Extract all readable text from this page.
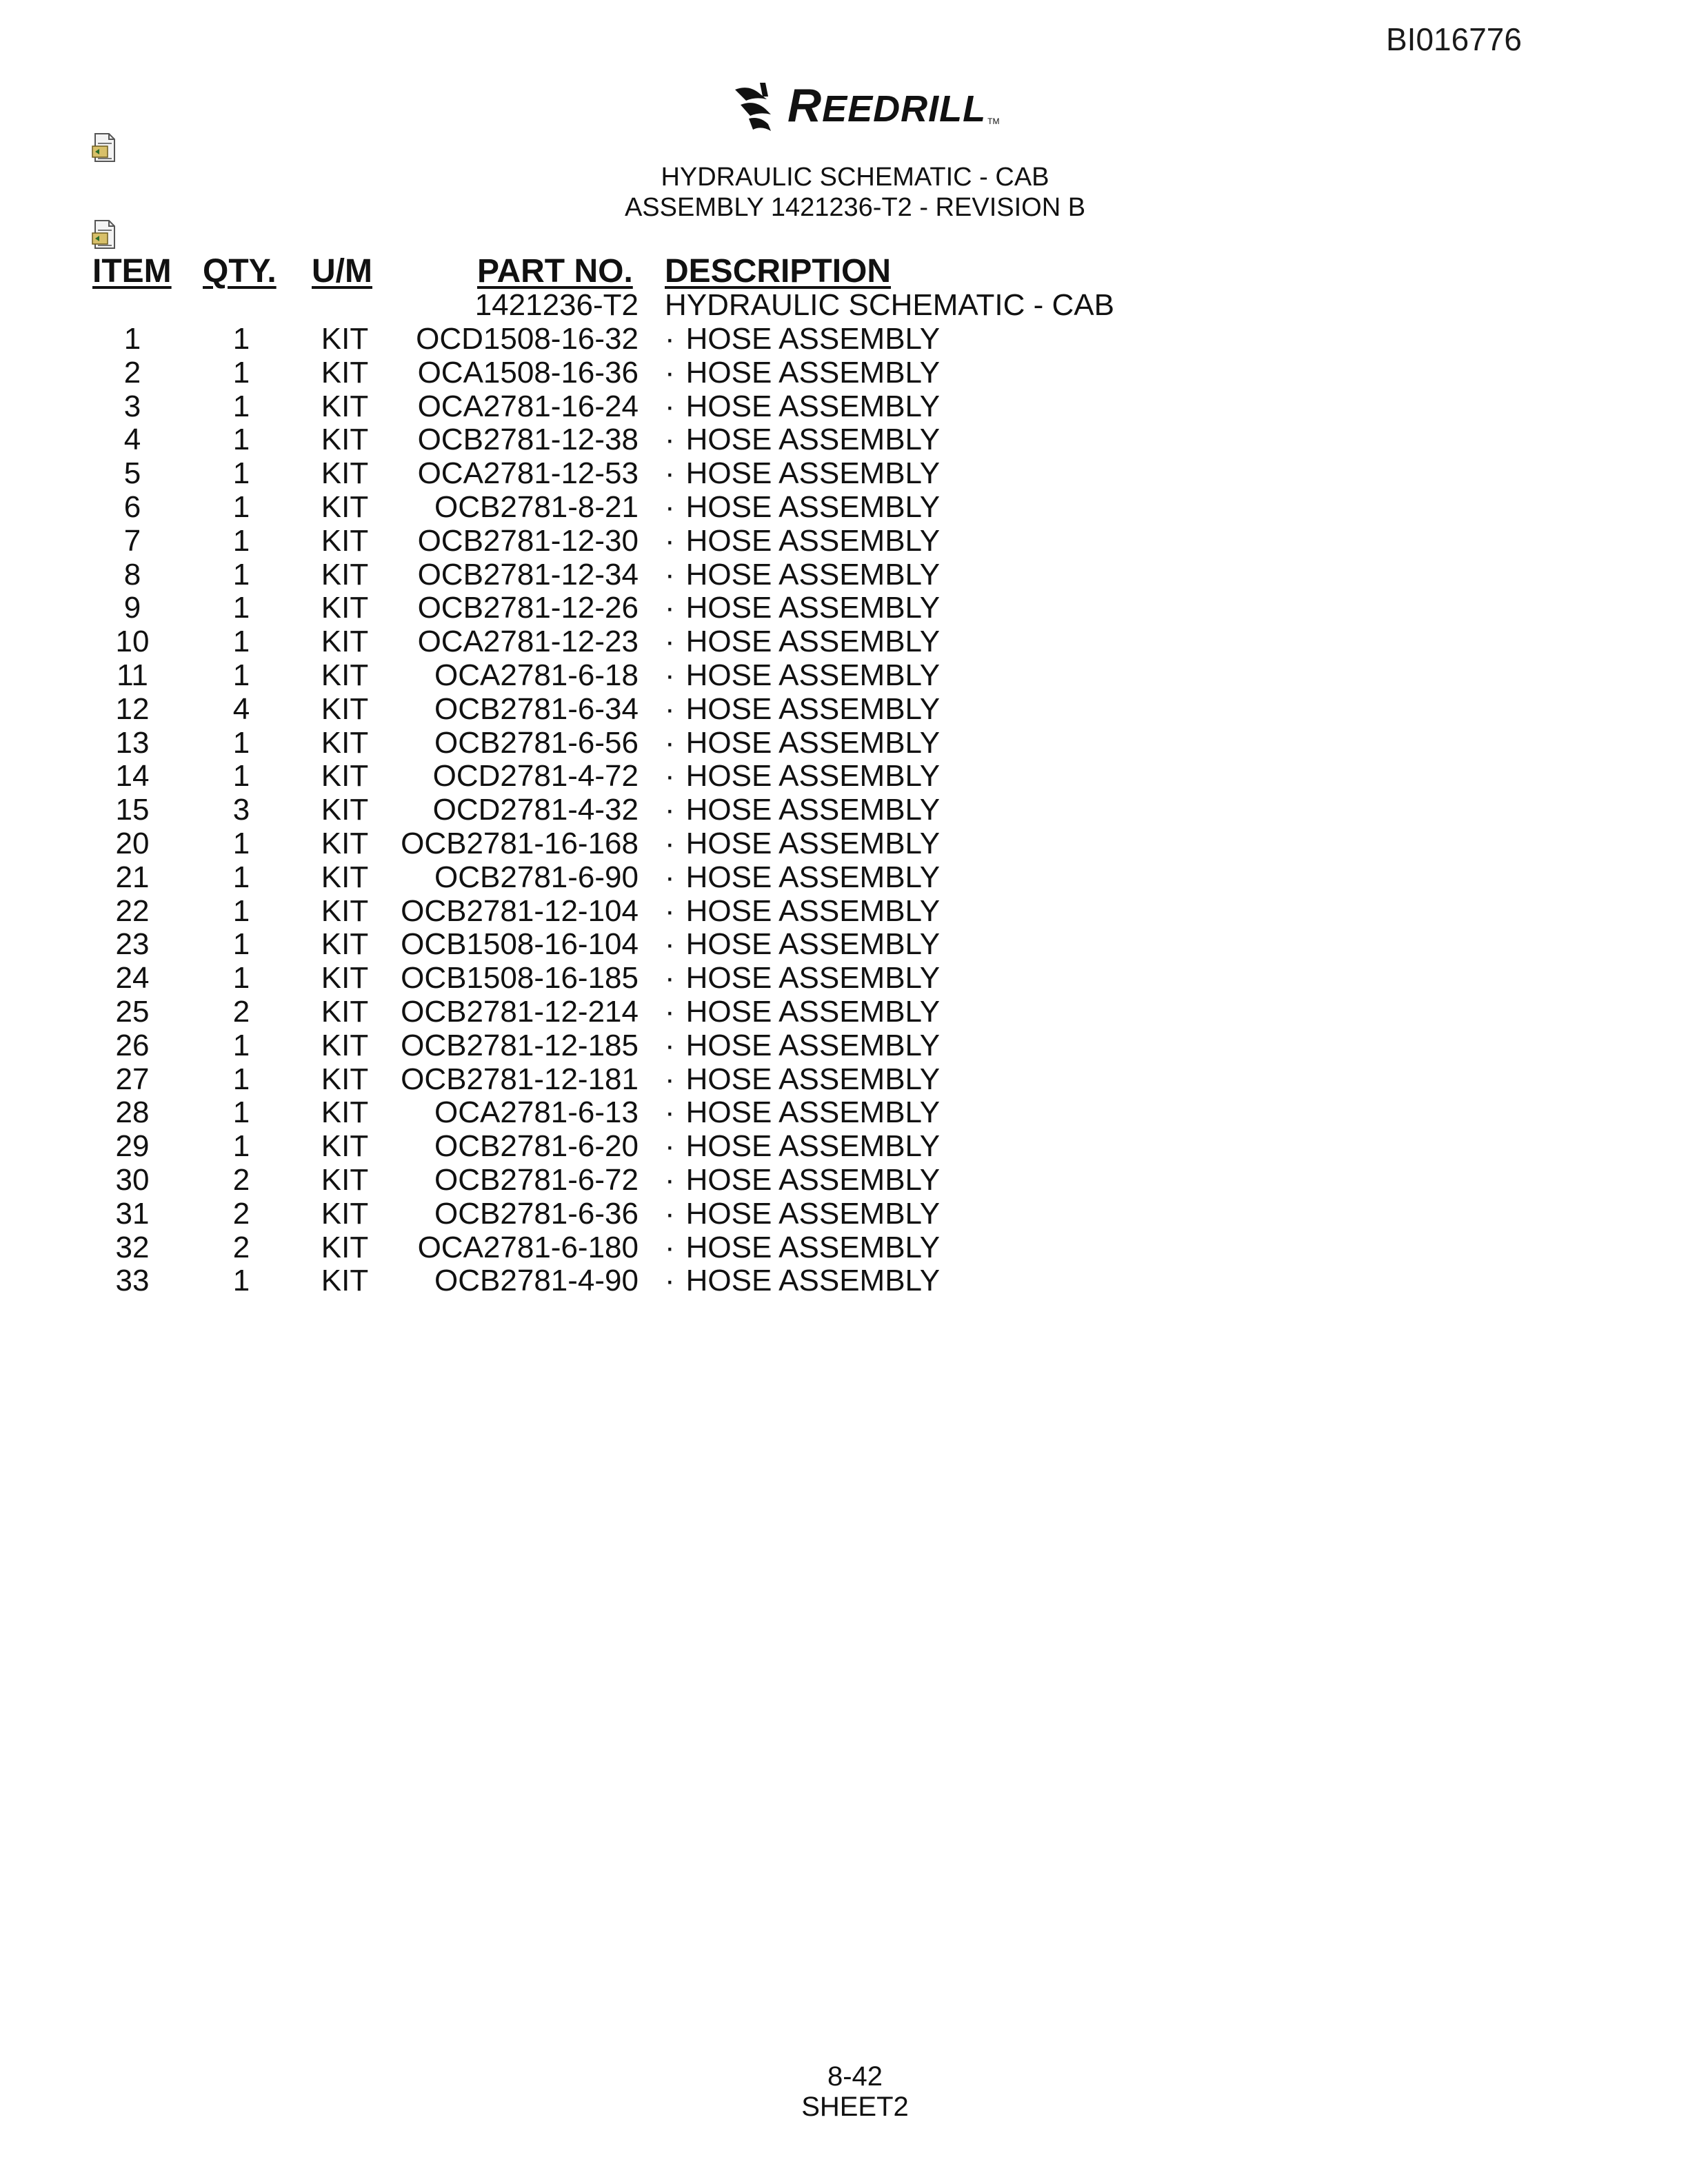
BI016776
REEDRILL TM
HYDRAULIC SCHEMATIC - CAB
ASSEMBLY 1421236-T2 - REVISION B
ITEM QTY. U/M	PART NO. DESCRIPTION
1421236-T2 HYDRAULIC SCHEMATIC - CAB
1	1	KIT	OCD1508-16-32 · HOSE ASSEMBLY
2	1	KIT	OCA1508-16-36 · HOSE ASSEMBLY
3	1	KIT	OCA2781-16-24 · HOSE ASSEMBLY
4	1	KIT	OCB2781-12-38 · HOSE ASSEMBLY
5	1	KIT	OCA2781-12-53 · HOSE ASSEMBLY
6	1	KIT	OCB2781-8-21 · HOSE ASSEMBLY
7	1	KIT	OCB2781-12-30 · HOSE ASSEMBLY
8	1	KIT	OCB2781-12-34 · HOSE ASSEMBLY
9	1	KIT	OCB2781-12-26 · HOSE ASSEMBLY
10	1	KIT	OCA2781-12-23 · HOSE ASSEMBLY
11	1	KIT	OCA2781-6-18 · HOSE ASSEMBLY
12	4	KIT	OCB2781-6-34 · HOSE ASSEMBLY
13	1	KIT	OCB2781-6-56 · HOSE ASSEMBLY
14	1	KIT	OCD2781-4-72 · HOSE ASSEMBLY
15	3	KIT	OCD2781-4-32 · HOSE ASSEMBLY
20	1	KIT	OCB2781-16-168 · HOSE ASSEMBLY
21	1	KIT	OCB2781-6-90 · HOSE ASSEMBLY
22	1	KIT	OCB2781-12-104 · HOSE ASSEMBLY
23	1	KIT	OCB1508-16-104 · HOSE ASSEMBLY
24	1	KIT	OCB1508-16-185 · HOSE ASSEMBLY
25	2	KIT	OCB2781-12-214 · HOSE ASSEMBLY
26	1	KIT	OCB2781-12-185 · HOSE ASSEMBLY
27	1	KIT	OCB2781-12-181 · HOSE ASSEMBLY
28	1	KIT	OCA2781-6-13 · HOSE ASSEMBLY
29	1	KIT	OCB2781-6-20 · HOSE ASSEMBLY
30	2	KIT	OCB2781-6-72 · HOSE ASSEMBLY
31	2	KIT	OCB2781-6-36 · HOSE ASSEMBLY
32	2	KIT	OCA2781-6-180 · HOSE ASSEMBLY
33	1	KIT	OCB2781-4-90 · HOSE ASSEMBLY
8-42
SHEET2
